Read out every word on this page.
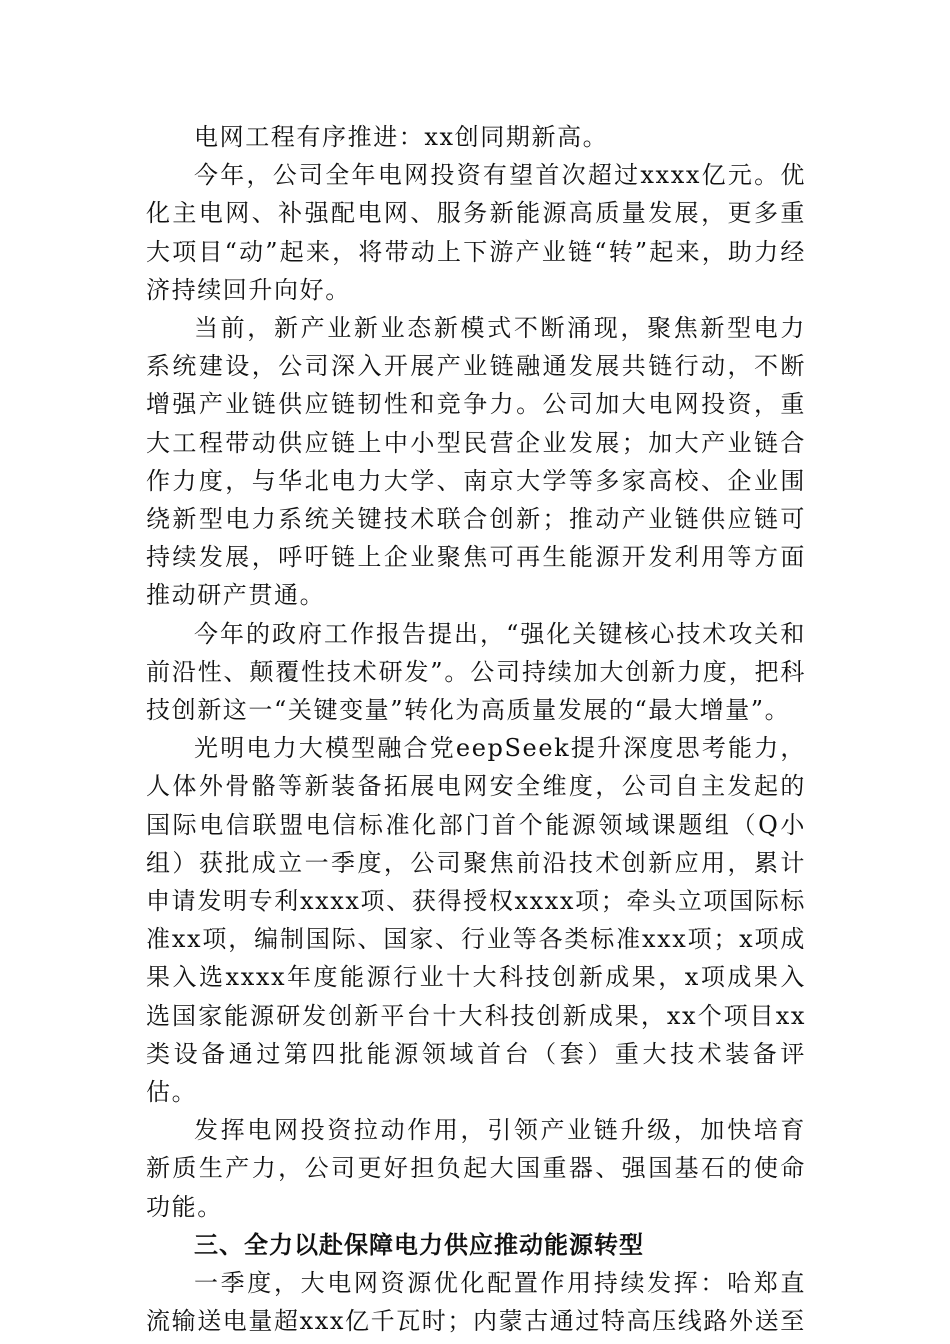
电网工程有序推进：xx创同期新高。

今年，公司全年电网投资有望首次超过xxxx亿元。优化主电网、补强配电网、服务新能源高质量发展，更多重大项目“动”起来，将带动上下游产业链“转”起来，助力经济持续回升向好。

当前，新产业新业态新模式不断涌现，聚焦新型电力系统建设，公司深入开展产业链融通发展共链行动，不断增强产业链供应链韧性和竞争力。公司加大电网投资，重大工程带动供应链上中小型民营企业发展；加大产业链合作力度，与华北电力大学、南京大学等多家高校、企业围绕新型电力系统关键技术联合创新；推动产业链供应链可持续发展，呼吁链上企业聚焦可再生能源开发利用等方面推动研产贯通。

今年的政府工作报告提出，“强化关键核心技术攻关和前沿性、颠覆性技术研发”。公司持续加大创新力度，把科技创新这一“关键变量”转化为高质量发展的“最大增量”。

光明电力大模型融合党eepSeek提升深度思考能力，人体外骨骼等新装备拓展电网安全维度，公司自主发起的国际电信联盟电信标准化部门首个能源领域课题组（Q小组）获批成立一季度，公司聚焦前沿技术创新应用，累计申请发明专利xxxx项、获得授权xxxx项；牵头立项国际标准xx项，编制国际、国家、行业等各类标准xxx项；x项成果入选xxxx年度能源行业十大科技创新成果，x项成果入选国家能源研发创新平台十大科技创新成果，xx个项目xx类设备通过第四批能源领域首台（套）重大技术装备评估。

发挥电网投资拉动作用，引领产业链升级，加快培育新质生产力，公司更好担负起大国重器、强国基石的使命功能。

三、全力以赴保障电力供应推动能源转型

一季度，大电网资源优化配置作用持续发挥：哈郑直流输送电量超xxx亿千瓦时；内蒙古通过特高压线路外送至
